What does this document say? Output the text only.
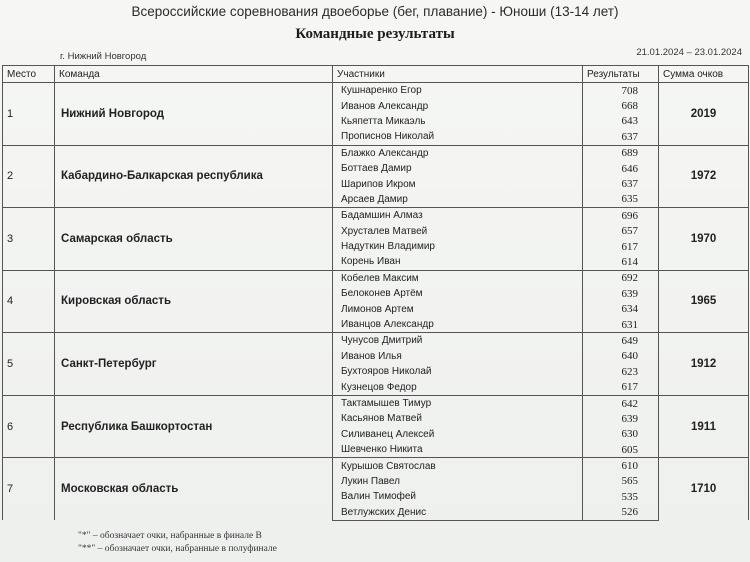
Всероссийские соревнования двоеборье (бег, плавание) - Юноши (13-14 лет)
Командные результаты
г. Нижний Новгород	21.01.2024 – 23.01.2024
Место	Команда	Участники	Результаты	Сумма очков
1	Нижний Новгород	Кушнаренко Егор	708	2019
		Иванов Александр	668	
		Кьяпетта Микаэль	643	
		Прописнов Николай	637	
2	Кабардино-Балкарская республика	Блажко Александр	689	1972
		Боттаев Дамир	646	
		Шарипов Икром	637	
		Арсаев Дамир	635	
3	Самарская область	Бадамшин Алмаз	696	1970
		Хрусталев Матвей	657	
		Надуткин Владимир	617	
		Корень Иван	614	
4	Кировская область	Кобелев Максим	692	1965
		Белоконев Артём	639	
		Лимонов Артем	634	
		Иванцов Александр	631	
5	Санкт-Петербург	Чунусов Дмитрий	649	1912
		Иванов Илья	640	
		Бухтояров Николай	623	
		Кузнецов Федор	617	
6	Республика Башкортостан	Тактамышев Тимур	642	1911
		Касьянов Матвей	639	
		Силиванец Алексей	630	
		Шевченко Никита	605	
7	Московская область	Курышов Святослав	610	1710
		Лукин Павел	565	
		Валин Тимофей	535	
		Ветлужских Денис	526	
"*" – обозначает очки, набранные в финале В
"**" – обозначает очки, набранные в полуфинале
